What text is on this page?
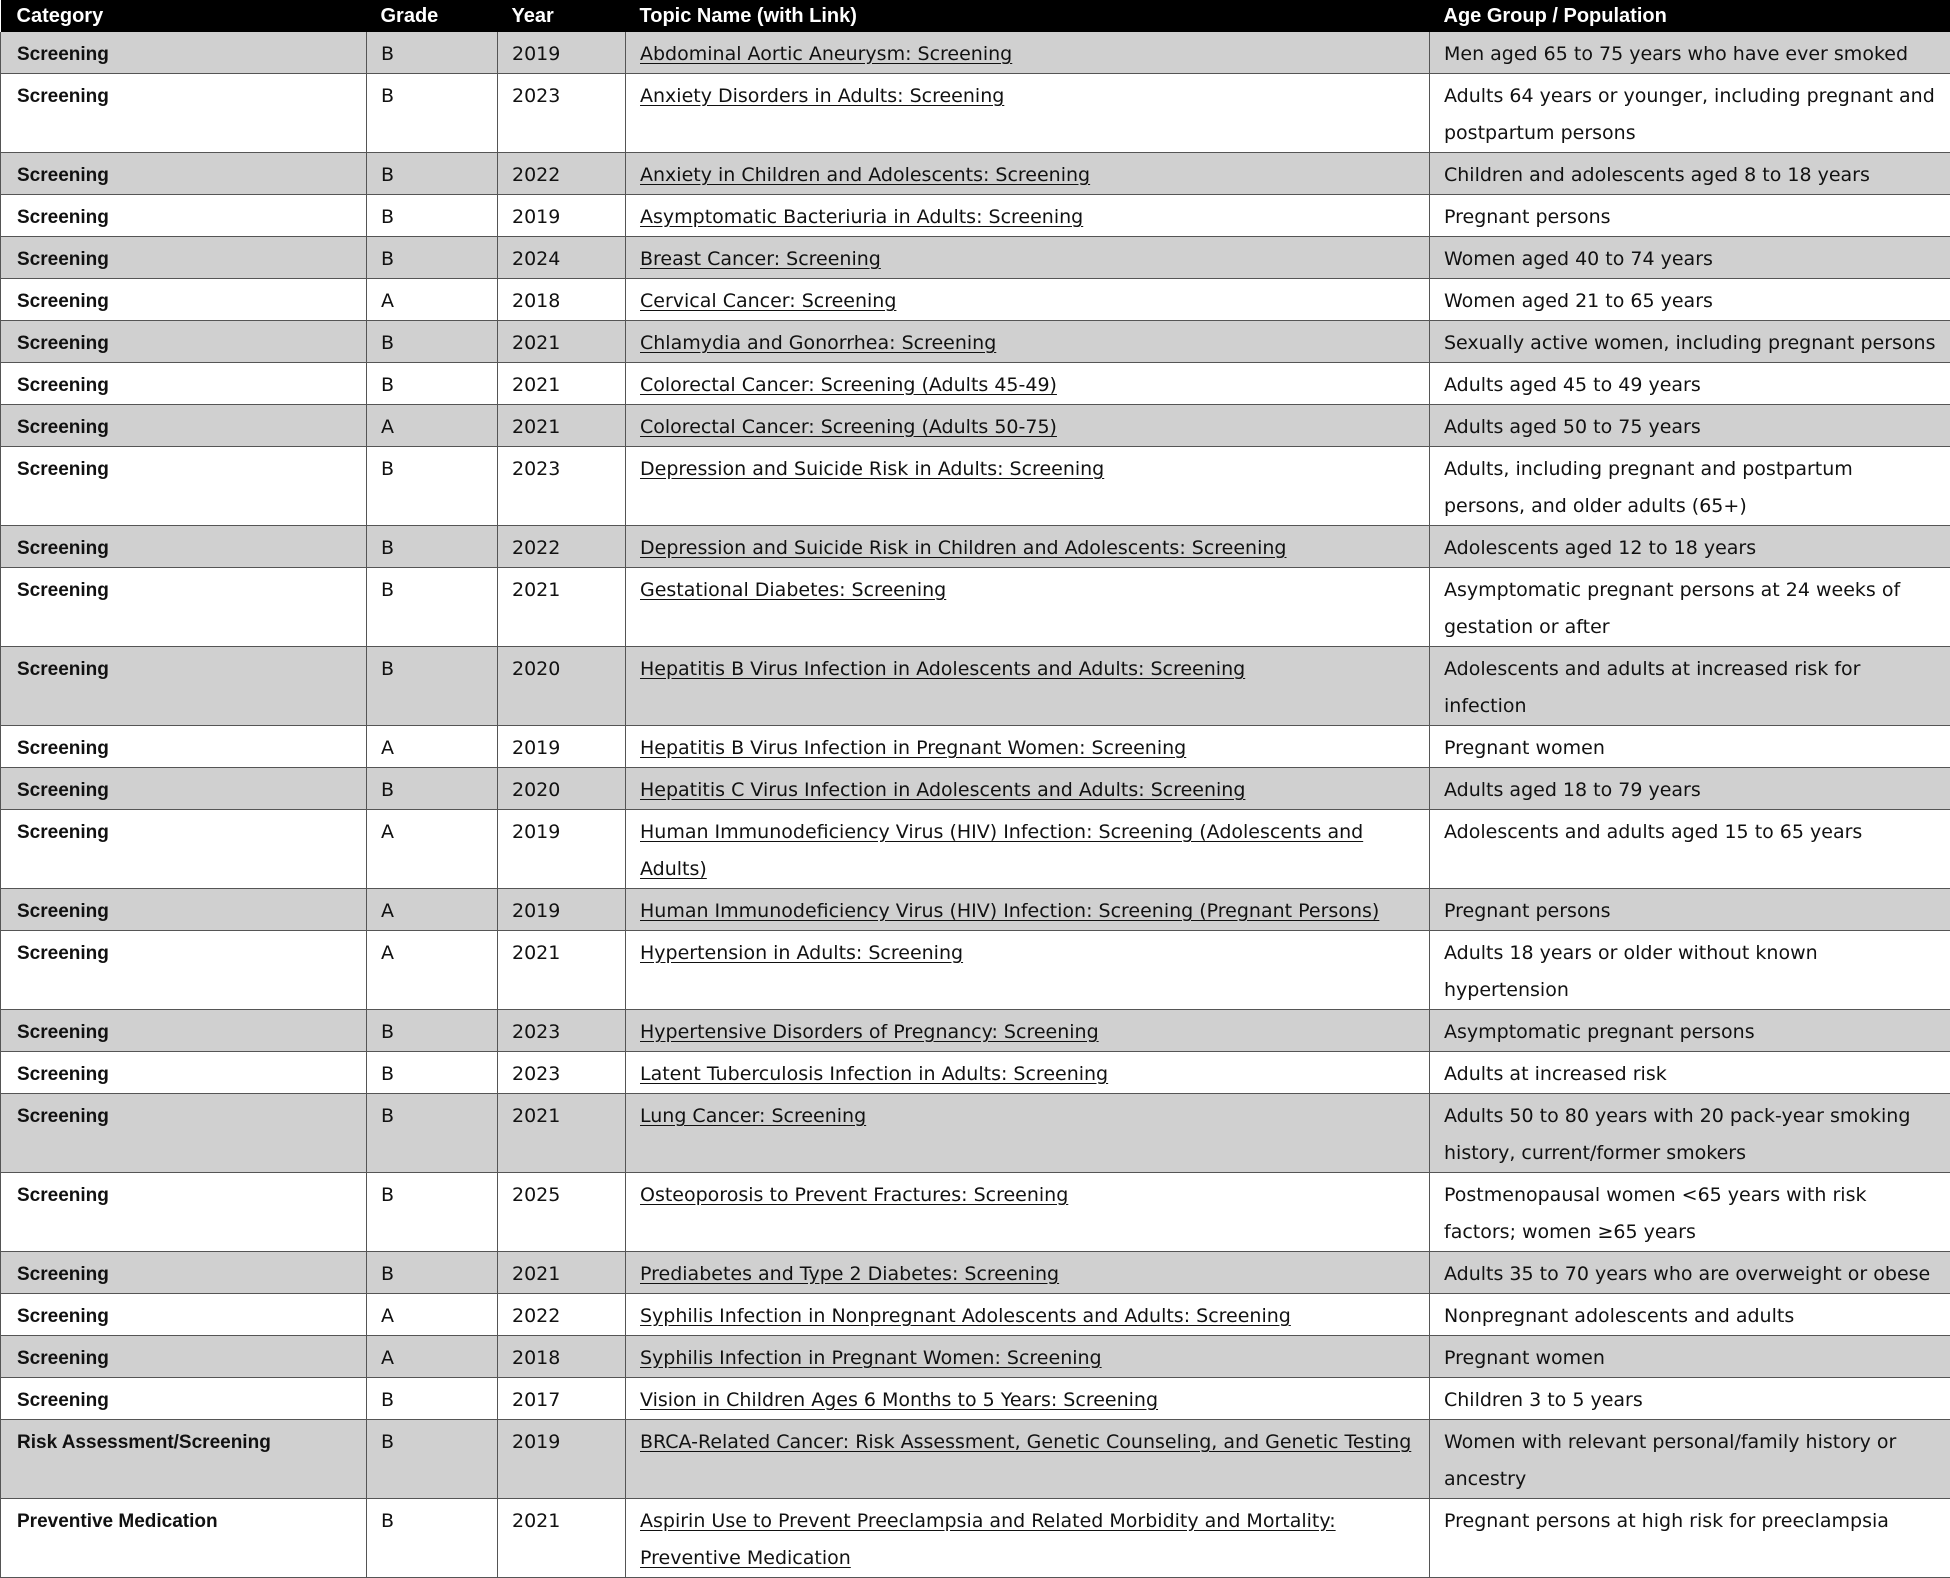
Category	Grade	Year	Topic Name (with Link)	Age Group / Population
Screening	B	2019	Abdominal Aortic Aneurysm: Screening	Men aged 65 to 75 years who have ever smoked
Screening	B	2023	Anxiety Disorders in Adults: Screening	Adults 64 years or younger, including pregnant and postpartum persons
Screening	B	2022	Anxiety in Children and Adolescents: Screening	Children and adolescents aged 8 to 18 years
Screening	B	2019	Asymptomatic Bacteriuria in Adults: Screening	Pregnant persons
Screening	B	2024	Breast Cancer: Screening	Women aged 40 to 74 years
Screening	A	2018	Cervical Cancer: Screening	Women aged 21 to 65 years
Screening	B	2021	Chlamydia and Gonorrhea: Screening	Sexually active women, including pregnant persons
Screening	B	2021	Colorectal Cancer: Screening (Adults 45-49)	Adults aged 45 to 49 years
Screening	A	2021	Colorectal Cancer: Screening (Adults 50-75)	Adults aged 50 to 75 years
Screening	B	2023	Depression and Suicide Risk in Adults: Screening	Adults, including pregnant and postpartum persons, and older adults (65+)
Screening	B	2022	Depression and Suicide Risk in Children and Adolescents: Screening	Adolescents aged 12 to 18 years
Screening	B	2021	Gestational Diabetes: Screening	Asymptomatic pregnant persons at 24 weeks of gestation or after
Screening	B	2020	Hepatitis B Virus Infection in Adolescents and Adults: Screening	Adolescents and adults at increased risk for infection
Screening	A	2019	Hepatitis B Virus Infection in Pregnant Women: Screening	Pregnant women
Screening	B	2020	Hepatitis C Virus Infection in Adolescents and Adults: Screening	Adults aged 18 to 79 years
Screening	A	2019	Human Immunodeficiency Virus (HIV) Infection: Screening (Adolescents and Adults)	Adolescents and adults aged 15 to 65 years
Screening	A	2019	Human Immunodeficiency Virus (HIV) Infection: Screening (Pregnant Persons)	Pregnant persons
Screening	A	2021	Hypertension in Adults: Screening	Adults 18 years or older without known hypertension
Screening	B	2023	Hypertensive Disorders of Pregnancy: Screening	Asymptomatic pregnant persons
Screening	B	2023	Latent Tuberculosis Infection in Adults: Screening	Adults at increased risk
Screening	B	2021	Lung Cancer: Screening	Adults 50 to 80 years with 20 pack-year smoking history, current/former smokers
Screening	B	2025	Osteoporosis to Prevent Fractures: Screening	Postmenopausal women <65 years with risk factors; women ≥65 years
Screening	B	2021	Prediabetes and Type 2 Diabetes: Screening	Adults 35 to 70 years who are overweight or obese
Screening	A	2022	Syphilis Infection in Nonpregnant Adolescents and Adults: Screening	Nonpregnant adolescents and adults
Screening	A	2018	Syphilis Infection in Pregnant Women: Screening	Pregnant women
Screening	B	2017	Vision in Children Ages 6 Months to 5 Years: Screening	Children 3 to 5 years
Risk Assessment/Screening	B	2019	BRCA-Related Cancer: Risk Assessment, Genetic Counseling, and Genetic Testing	Women with relevant personal/family history or ancestry
Preventive Medication	B	2021	Aspirin Use to Prevent Preeclampsia and Related Morbidity and Mortality: Preventive Medication	Pregnant persons at high risk for preeclampsia
